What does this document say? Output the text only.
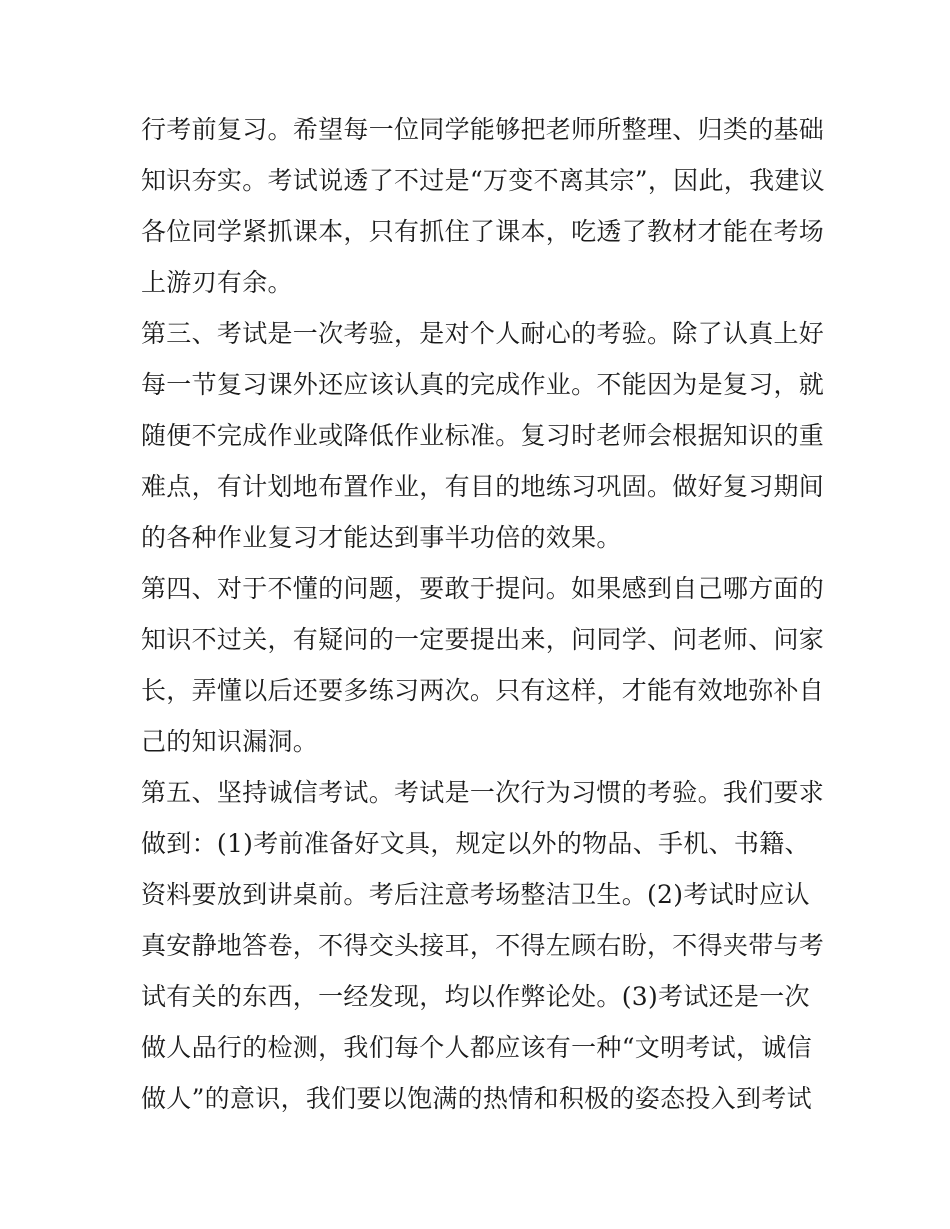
行考前复习。希望每一位同学能够把老师所整理、归类的基础
知识夯实。考试说透了不过是“万变不离其宗”，因此，我建议
各位同学紧抓课本，只有抓住了课本，吃透了教材才能在考场
上游刃有余。
第三、考试是一次考验，是对个人耐心的考验。除了认真上好
每一节复习课外还应该认真的完成作业。不能因为是复习，就
随便不完成作业或降低作业标准。复习时老师会根据知识的重
难点，有计划地布置作业，有目的地练习巩固。做好复习期间
的各种作业复习才能达到事半功倍的效果。
第四、对于不懂的问题，要敢于提问。如果感到自己哪方面的
知识不过关，有疑问的一定要提出来，问同学、问老师、问家
长，弄懂以后还要多练习两次。只有这样，才能有效地弥补自
己的知识漏洞。
第五、坚持诚信考试。考试是一次行为习惯的考验。我们要求
做到：(1)考前准备好文具，规定以外的物品、手机、书籍、
资料要放到讲桌前。考后注意考场整洁卫生。(2)考试时应认
真安静地答卷，不得交头接耳，不得左顾右盼，不得夹带与考
试有关的东西，一经发现，均以作弊论处。(3)考试还是一次
做人品行的检测，我们每个人都应该有一种“文明考试，诚信
做人”的意识，我们要以饱满的热情和积极的姿态投入到考试
